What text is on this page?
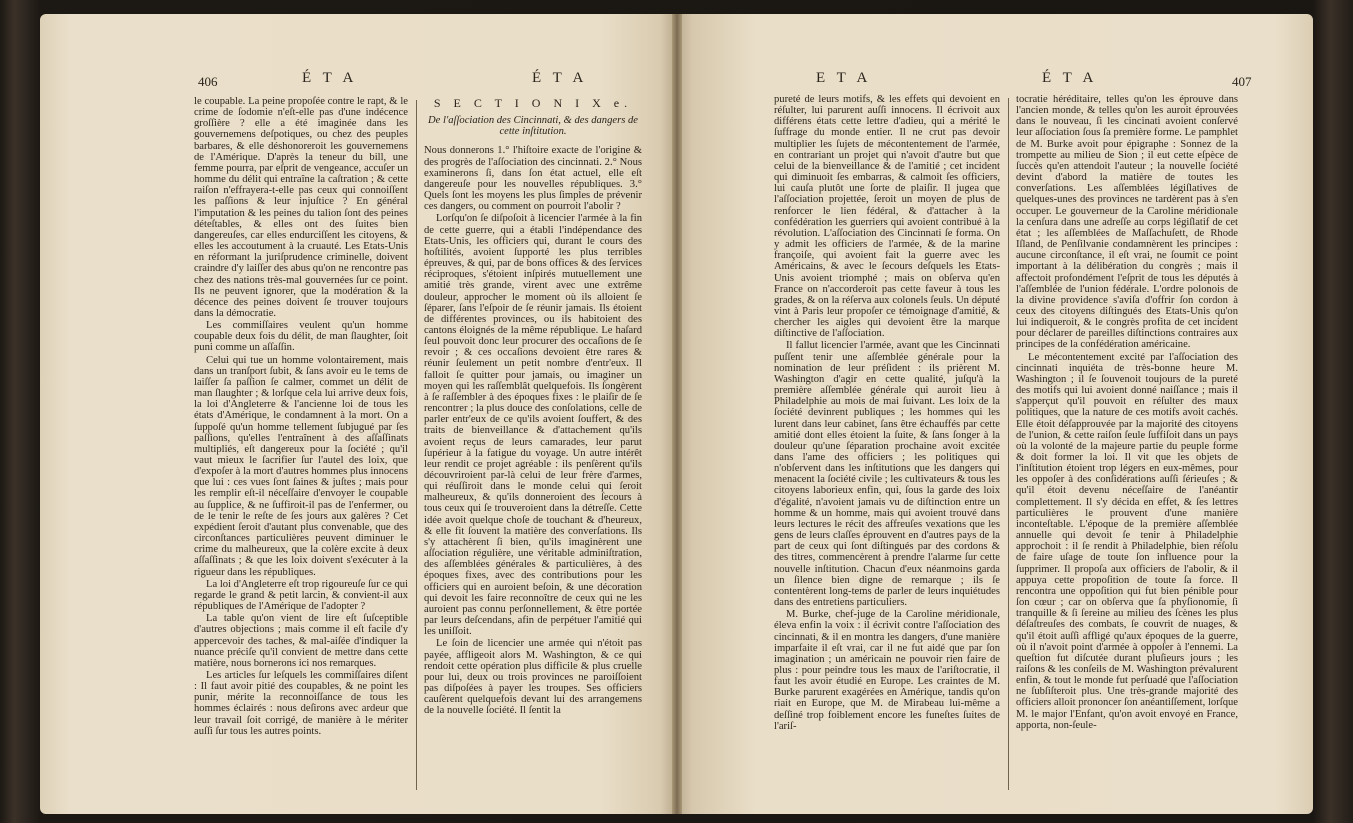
406	É T A	É T A

le coupable. La peine propoſée contre le rapt, & le crime de ſodomie n'eſt-elle pas d'une indécence groſſière ? elle a été imaginée dans les gouvernemens deſpotiques, ou chez des peuples barbares, & elle déshonoreroit les gouvernemens de l'Amérique. D'après la teneur du bill, une femme pourra, par eſprit de vengeance, accuſer un homme du délit qui entraîne la caſtration ; & cette raiſon n'effrayera-t-elle pas ceux qui connoiſſent les paſſions & leur injuſtice ? En général l'imputation & les peines du talion ſont des peines déteſtables, & elles ont des ſuites bien dangereuſes, car elles endurciſſent les citoyens, & elles les accoutument à la cruauté. Les Etats-Unis en réformant la juriſprudence criminelle, doivent craindre d'y laiſſer des abus qu'on ne rencontre pas chez des nations très-mal gouvernées ſur ce point. Ils ne peuvent ignorer, que la modération & la décence des peines doivent ſe trouver toujours dans la démocratie.

Les commiſſaires veulent qu'un homme coupable deux fois du délit, de man ſlaughter, ſoit puni comme un aſſaſſin.

Celui qui tue un homme volontairement, mais dans un tranſport ſubit, & ſans avoir eu le tems de laiſſer ſa paſſion ſe calmer, commet un délit de man ſlaughter ; & lorſque cela lui arrive deux fois, la loi d'Angleterre & l'ancienne loi de tous les états d'Amérique, le condamnent à la mort. On a ſuppoſé qu'un homme tellement ſubjugué par ſes paſſions, qu'elles l'entraînent à des aſſaſſinats multipliés, eſt dangereux pour la ſociété ; qu'il vaut mieux le ſacrifier ſur l'autel des loix, que d'expoſer à la mort d'autres hommes plus innocens que lui : ces vues ſont ſaines & juſtes ; mais pour les remplir eſt-il néceſſaire d'envoyer le coupable au ſupplice, & ne ſuffiroit-il pas de l'enfermer, ou de le tenir le reſte de ſes jours aux galères ? Cet expédient ſeroit d'autant plus convenable, que des circonſtances particulières peuvent diminuer le crime du malheureux, que la colère excite à deux aſſaſſinats ; & que les loix doivent s'exécuter à la rigueur dans les républiques.

La loi d'Angleterre eſt trop rigoureuſe ſur ce qui regarde le grand & petit larcin, & convient-il aux républiques de l'Amérique de l'adopter ?

La table qu'on vient de lire eſt ſuſceptible d'autres objections ; mais comme il eſt facile d'y appercevoir des taches, & mal-aiſée d'indiquer la nuance préciſe qu'il convient de mettre dans cette matière, nous bornerons ici nos remarques.

Les articles ſur leſquels les commiſſaires diſent : Il faut avoir pitié des coupables, & ne point les punir, mérite la reconnoiſſance de tous les hommes éclairés : nous deſirons avec ardeur que leur travail ſoit corrigé, de manière à le mériter auſſi ſur tous les autres points.

S E C T I O N I X e.
De l'aſſociation des Cincinnati, & des dangers de cette inſtitution.

Nous donnerons 1.° l'hiſtoire exacte de l'origine & des progrès de l'aſſociation des cincinnati. 2.° Nous examinerons ſi, dans ſon état actuel, elle eſt dangereuſe pour les nouvelles républiques. 3.° Quels ſont les moyens les plus ſimples de prévenir ces dangers, ou comment on pourroit l'abolir ?

Lorſqu'on ſe diſpoſoit à licencier l'armée à la fin de cette guerre, qui a établi l'indépendance des Etats-Unis, les officiers qui, durant le cours des hoſtilités, avoient ſupporté les plus terribles épreuves, & qui, par de bons offices & des ſervices réciproques, s'étoient inſpirés mutuellement une amitié très grande, virent avec une extrême douleur, approcher le moment où ils alloient ſe ſéparer, ſans l'eſpoir de ſe réunir jamais. Ils étoient de différentes provinces, ou ils habitoient des cantons éloignés de la même république. Le haſard ſeul pouvoit donc leur procurer des occaſions de ſe revoir ; & ces occaſions devoient être rares & réunir ſeulement un petit nombre d'entr'eux. Il falloit ſe quitter pour jamais, ou imaginer un moyen qui les raſſemblât quelquefois. Ils ſongèrent à ſe raſſembler à des époques fixes : le plaiſir de ſe rencontrer ; la plus douce des conſolations, celle de parler entr'eux de ce qu'ils avoient ſouffert, & des traits de bienveillance & d'attachement qu'ils avoient reçus de leurs camarades, leur parut ſupérieur à la fatigue du voyage. Un autre intérêt leur rendit ce projet agréable : ils penſèrent qu'ils découvriroient par-là celui de leur frère d'armes, qui réuſſiroit dans le monde celui qui ſeroit malheureux, & qu'ils donneroient des ſecours à tous ceux qui ſe trouveroient dans la détreſſe. Cette idée avoit quelque choſe de touchant & d'heureux, & elle fit ſouvent la matière des converſations. Ils s'y attachèrent ſi bien, qu'ils imaginèrent une aſſociation régulière, une véritable adminiſtration, des aſſemblées générales & particulières, à des époques fixes, avec des contributions pour les officiers qui en auroient beſoin, & une décoration qui devoit les faire reconnoître de ceux qui ne les auroient pas connu perſonnellement, & être portée par leurs deſcendans, afin de perpétuer l'amitié qui les uniſſoit.

Le ſoin de licencier une armée qui n'étoit pas payée, affligeoit alors M. Washington, & ce qui rendoit cette opération plus difficile & plus cruelle pour lui, deux ou trois provinces ne paroiſſoient pas diſpoſées à payer les troupes. Ses officiers cauſèrent quelquefois devant lui des arrangemens de la nouvelle ſociété. Il ſentit la

E T A	É T A	407

pureté de leurs motifs, & les effets qui devoient en réſulter, lui parurent auſſi innocens. Il écrivoit aux différens états cette lettre d'adieu, qui a mérité le ſuffrage du monde entier. Il ne crut pas devoir multiplier les ſujets de mécontentement de l'armée, en contrariant un projet qui n'avoit d'autre but que celui de la bienveillance & de l'amitié ; cet incident qui diminuoit ſes embarras, & calmoit ſes officiers, lui cauſa plutôt une ſorte de plaiſir. Il jugea que l'aſſociation projettée, ſeroit un moyen de plus de renforcer le lien fédéral, & d'attacher à la confédération les guerriers qui avoient contribué à la révolution. L'aſſociation des Cincinnati ſe forma. On y admit les officiers de l'armée, & de la marine françoiſe, qui avoient fait la guerre avec les Américains, & avec le ſecours deſquels les Etats-Unis avoient triomphé ; mais on obſerva qu'en France on n'accorderoit pas cette faveur à tous les grades, & on la réſerva aux colonels ſeuls. Un député vint à Paris leur propoſer ce témoignage d'amitié, & chercher les aigles qui devoient être la marque diſtinctive de l'aſſociation.

Il fallut licencier l'armée, avant que les Cincinnati puſſent tenir une aſſemblée générale pour la nomination de leur préſident : ils prièrent M. Washington d'agir en cette qualité, juſqu'à la première aſſemblée générale qui auroit lieu à Philadelphie au mois de mai ſuivant. Les loix de la ſociété devinrent publiques ; les hommes qui les lurent dans leur cabinet, ſans être échauffés par cette amitié dont elles étoient la ſuite, & ſans ſonger à la douleur qu'une ſéparation prochaine avoit excitée dans l'ame des officiers ; les politiques qui n'obſervent dans les inſtitutions que les dangers qui menacent la ſociété civile ; les cultivateurs & tous les citoyens laborieux enfin, qui, ſous la garde des loix d'égalité, n'avoient jamais vu de diſtinction entre un homme & un homme, mais qui avoient trouvé dans leurs lectures le récit des affreuſes vexations que les gens de leurs claſſes éprouvent en d'autres pays de la part de ceux qui ſont diſtingués par des cordons & des titres, commencèrent à prendre l'alarme ſur cette nouvelle inſtitution. Chacun d'eux néanmoins garda un ſilence bien digne de remarque ; ils ſe contentèrent long-tems de parler de leurs inquiétudes dans des entretiens particuliers.

M. Burke, chef-juge de la Caroline méridionale, éleva enfin la voix : il écrivit contre l'aſſociation des cincinnati, & il en montra les dangers, d'une manière imparfaite il eſt vrai, car il ne fut aidé que par ſon imagination ; un américain ne pouvoir rien faire de plus : pour peindre tous les maux de l'ariſtocratie, il faut les avoir étudié en Europe. Les craintes de M. Burke parurent exagérées en Amérique, tandis qu'on riait en Europe, que M. de Mirabeau lui-même a deſſiné trop foiblement encore les funeſtes ſuites de l'ariſ-

tocratie héréditaire, telles qu'on les éprouve dans l'ancien monde, & telles qu'on les auroit éprouvées dans le nouveau, ſi les cincinati avoient conſervé leur aſſociation ſous ſa première forme. Le pamphlet de M. Burke avoit pour épigraphe : Sonnez de la trompette au milieu de Sion ; il eut cette eſpèce de ſuccès qu'en attendoit l'auteur ; la nouvelle ſociété devint d'abord la matière de toutes les converſations. Les aſſemblées légiſlatives de quelques-unes des provinces ne tardèrent pas à s'en occuper. Le gouverneur de la Caroline méridionale la cenſura dans une adreſſe au corps légiſlatif de cet état ; les aſſemblées de Maſſachuſett, de Rhode Iſland, de Penſilvanie condamnèrent les principes : aucune circonſtance, il eſt vrai, ne ſoumit ce point important à la délibération du congrès ; mais il affectoit profondément l'eſprit de tous les députés à l'aſſemblée de l'union fédérale. L'ordre polonois de la divine providence s'aviſa d'offrir ſon cordon à ceux des citoyens diſtingués des Etats-Unis qu'on lui indiqueroit, & le congrès profita de cet incident pour déclarer de pareilles diſtinctions contraires aux principes de la confédération américaine.

Le mécontentement excité par l'aſſociation des cincinnati inquiéta de très-bonne heure M. Washington ; il ſe ſouvenoit toujours de la pureté des motifs qui lui avoient donné naiſſance ; mais il s'apperçut qu'il pouvoit en réſulter des maux politiques, que la nature de ces motifs avoit cachés. Elle étoit déſapprouvée par la majorité des citoyens de l'union, & cette raiſon ſeule ſuffiſoit dans un pays où la volonté de la majeure partie du peuple forme & doit former la loi. Il vit que les objets de l'inſtitution étoient trop légers en eux-mêmes, pour les oppoſer à des conſidérations auſſi ſérieuſes ; & qu'il étoit devenu néceſſaire de l'anéantir complettement. Il s'y décida en effet, & ſes lettres particulières le prouvent d'une manière inconteſtable. L'époque de la première aſſemblée annuelle qui devoit ſe tenir à Philadelphie approchoit : il ſe rendit à Philadelphie, bien réſolu de faire uſage de toute ſon influence pour la ſupprimer. Il propoſa aux officiers de l'abolir, & il appuya cette propoſition de toute ſa force. Il rencontra une oppoſition qui fut bien pénible pour ſon cœur ; car on obſerva que ſa phyſionomie, ſi tranquille & ſi ſereine au milieu des ſcènes les plus déſaſtreuſes des combats, ſe couvrit de nuages, & qu'il étoit auſſi affligé qu'aux époques de la guerre, où il n'avoit point d'armée à oppoſer à l'ennemi. La queſtion fut diſcutée durant pluſieurs jours ; les raiſons & les conſeils de M. Washington prévalurent enfin, & tout le monde fut perſuadé que l'aſſociation ne ſubſiſteroit plus. Une très-grande majorité des officiers alloit prononcer ſon anéantiſſement, lorſque M. le major l'Enfant, qu'on avoit envoyé en France, apporta, non-ſeule-
